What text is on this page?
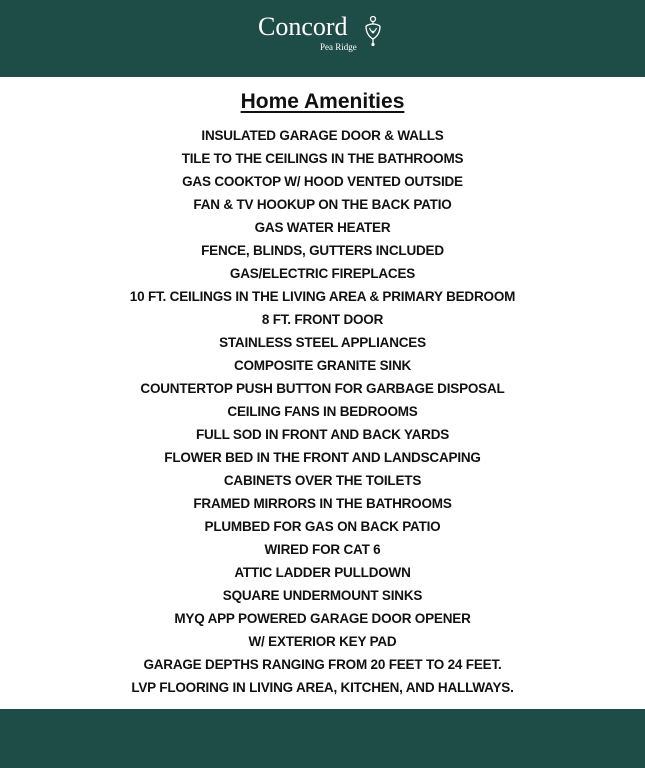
Concord
Pea Ridge
Home Amenities
INSULATED GARAGE DOOR & WALLS
TILE TO THE CEILINGS IN THE BATHROOMS
GAS COOKTOP W/ HOOD VENTED OUTSIDE
FAN & TV HOOKUP ON THE BACK PATIO
GAS WATER HEATER
FENCE, BLINDS, GUTTERS INCLUDED
GAS/ELECTRIC FIREPLACES
10 FT. CEILINGS IN THE LIVING AREA & PRIMARY BEDROOM
8 FT. FRONT DOOR
STAINLESS STEEL APPLIANCES
COMPOSITE GRANITE SINK
COUNTERTOP PUSH BUTTON FOR GARBAGE DISPOSAL
CEILING FANS IN BEDROOMS
FULL SOD IN FRONT AND BACK YARDS
FLOWER BED IN THE FRONT AND LANDSCAPING
CABINETS OVER THE TOILETS
FRAMED MIRRORS IN THE BATHROOMS
PLUMBED FOR GAS ON BACK PATIO
WIRED FOR CAT 6
ATTIC LADDER PULLDOWN
SQUARE UNDERMOUNT SINKS
MYQ APP POWERED GARAGE DOOR OPENER
W/ EXTERIOR KEY PAD
GARAGE DEPTHS RANGING FROM 20 FEET TO 24 FEET.
LVP FLOORING IN LIVING AREA, KITCHEN, AND HALLWAYS.
